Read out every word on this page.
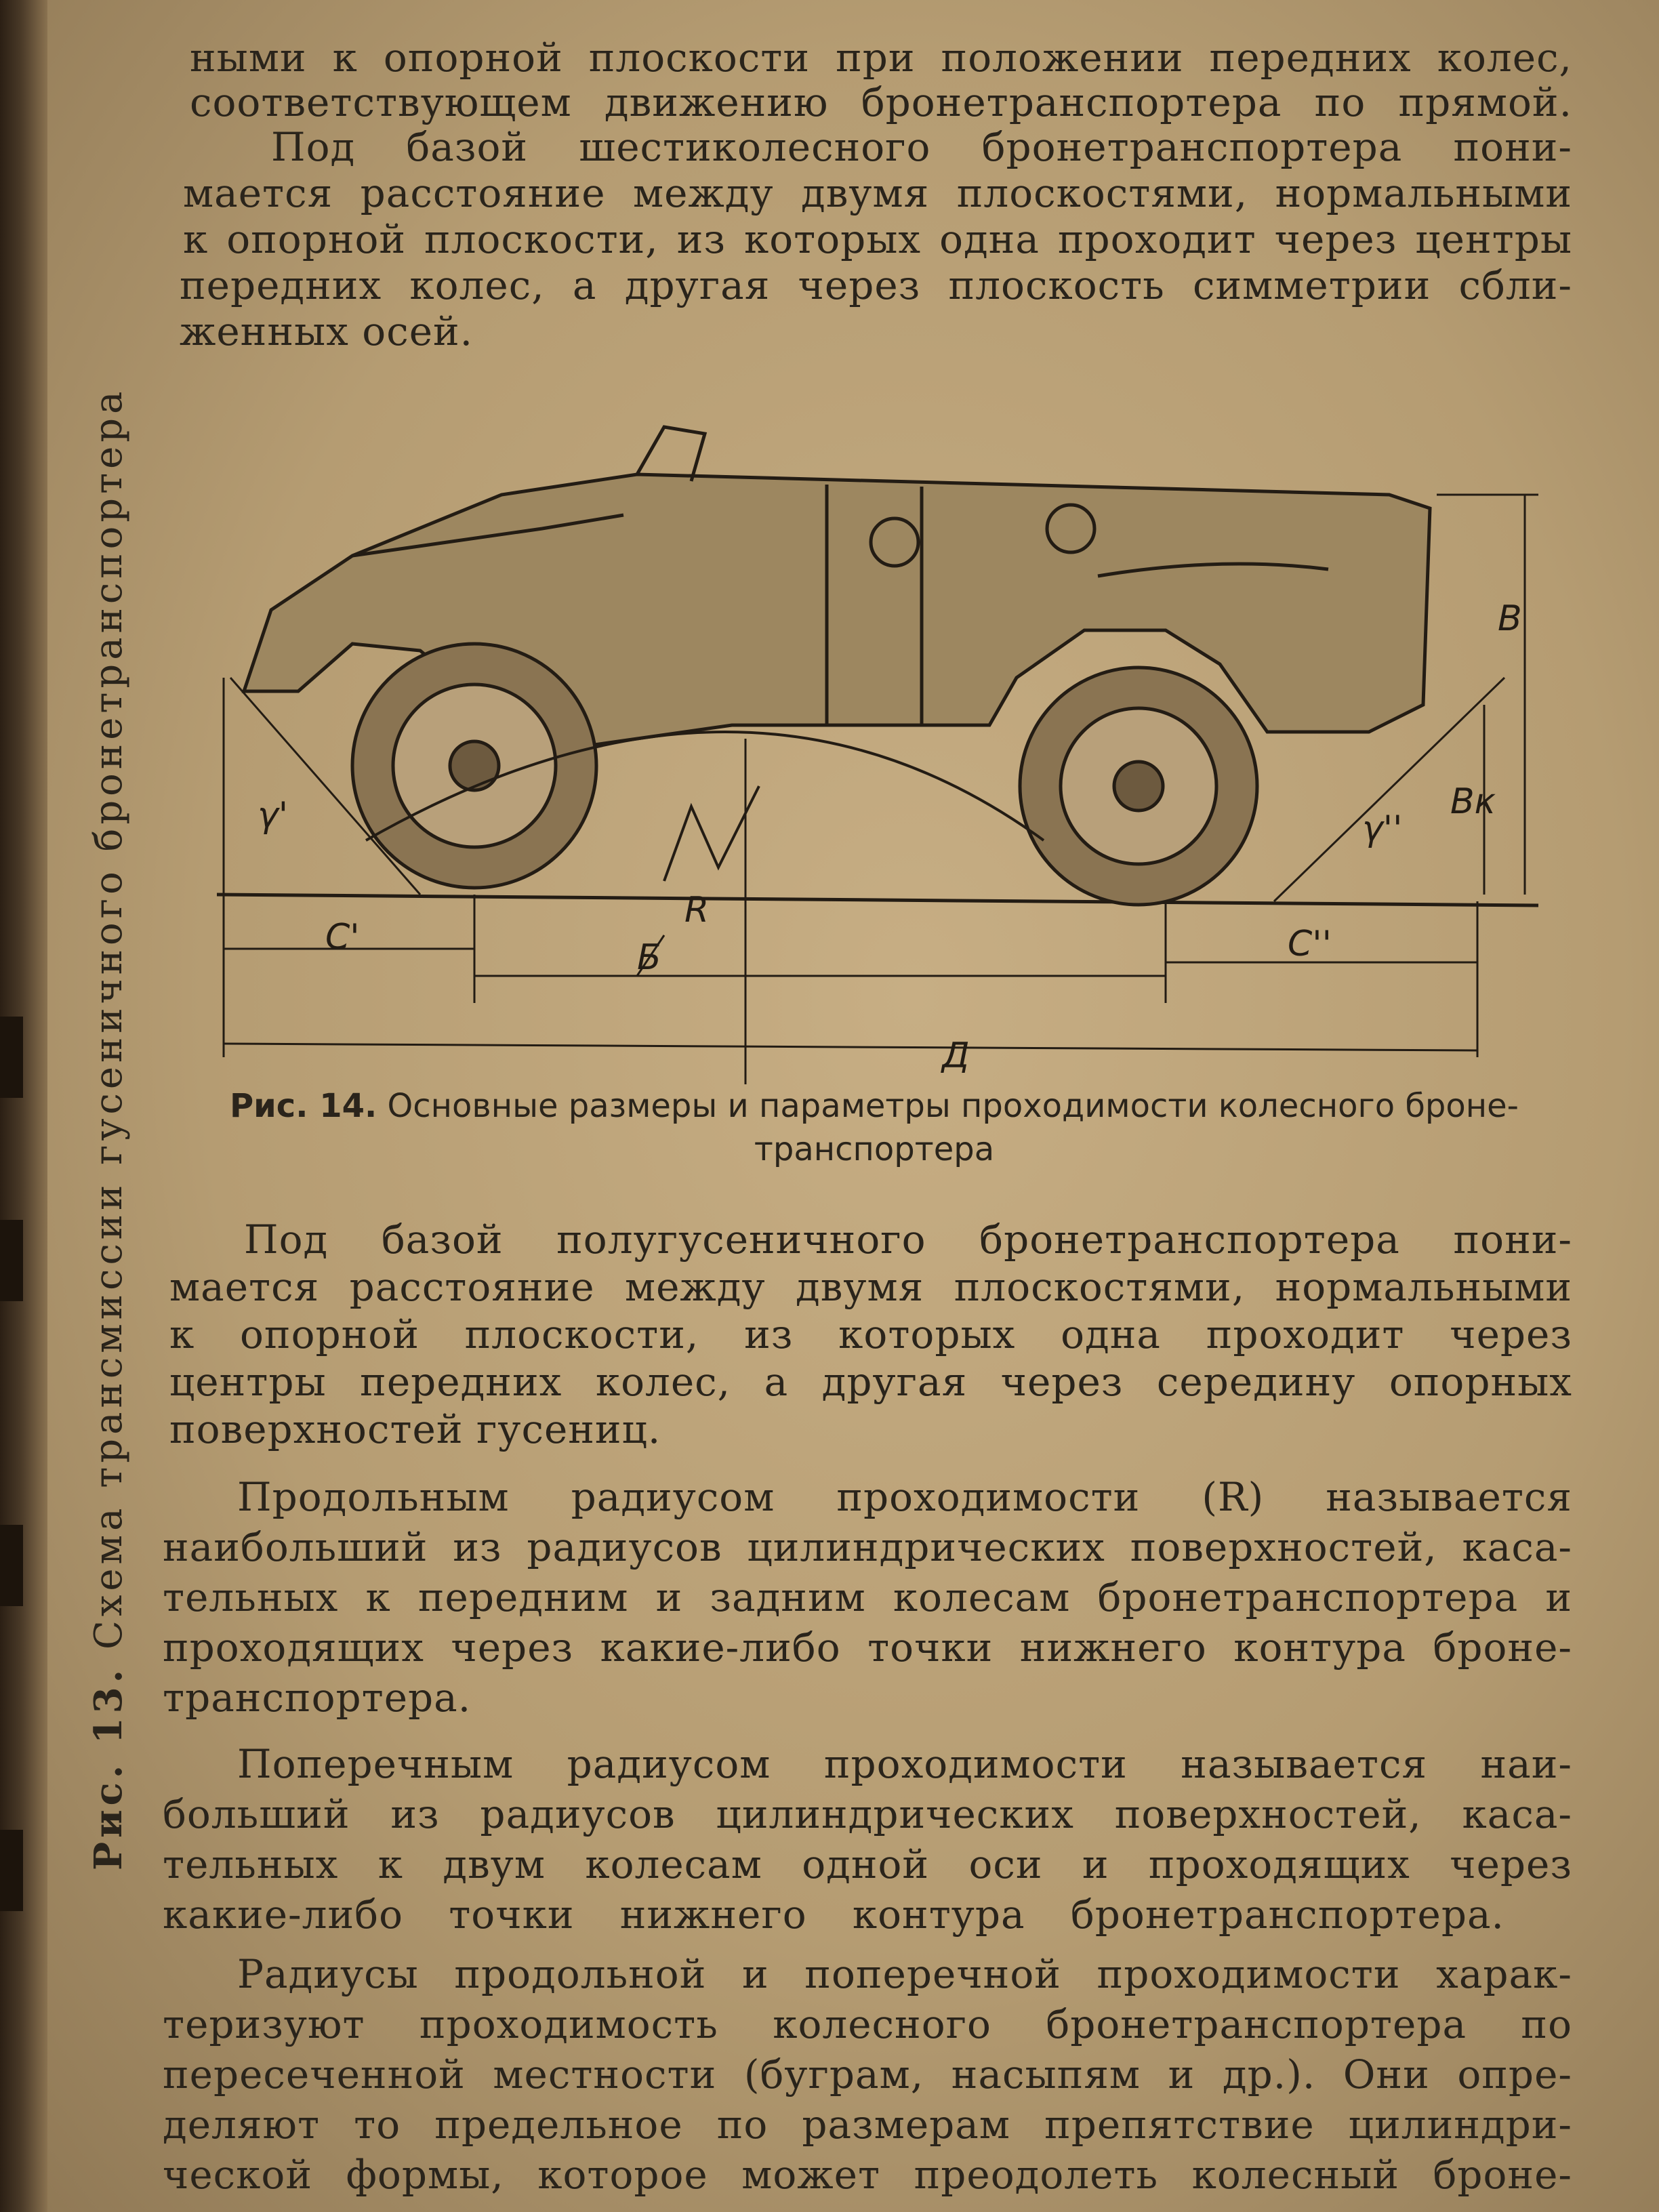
Рис. 13. Схема трансмиссии гусеничного бронетранспортера
ными к опорной плоскости при положении передних колес,
соответствующем движению бронетранспортера по прямой.
Под базой шестиколесного бронетранспортера пони-
мается расстояние между двумя плоскостями, нормальными
к опорной плоскости, из которых одна проходит через центры
передних колес, а другая через плоскость симметрии сбли-
женных осей.
C'	Б	C''
Д
R
γ'	γ''
B
Bк
Рис. 14. Основные размеры и параметры проходимости колесного броне-
транспортера
Под базой полугусеничного бронетранспортера пони-
мается расстояние между двумя плоскостями, нормальными
к опорной плоскости, из которых одна проходит через
центры передних колес, а другая через середину опорных
поверхностей гусениц.
Продольным радиусом проходимости (R) называется
наибольший из радиусов цилиндрических поверхностей, каса-
тельных к передним и задним колесам бронетранспортера и
проходящих через какие-либо точки нижнего контура броне-
транспортера.
Поперечным радиусом проходимости называется наи-
больший из радиусов цилиндрических поверхностей, каса-
тельных к двум колесам одной оси и проходящих через
какие-либо точки нижнего контура бронетранспортера.
Радиусы продольной и поперечной проходимости харак-
теризуют проходимость колесного бронетранспортера по
пересеченной местности (буграм, насыпям и др.). Они опре-
деляют то предельное по размерам препятствие цилиндри-
ческой формы, которое может преодолеть колесный броне-
